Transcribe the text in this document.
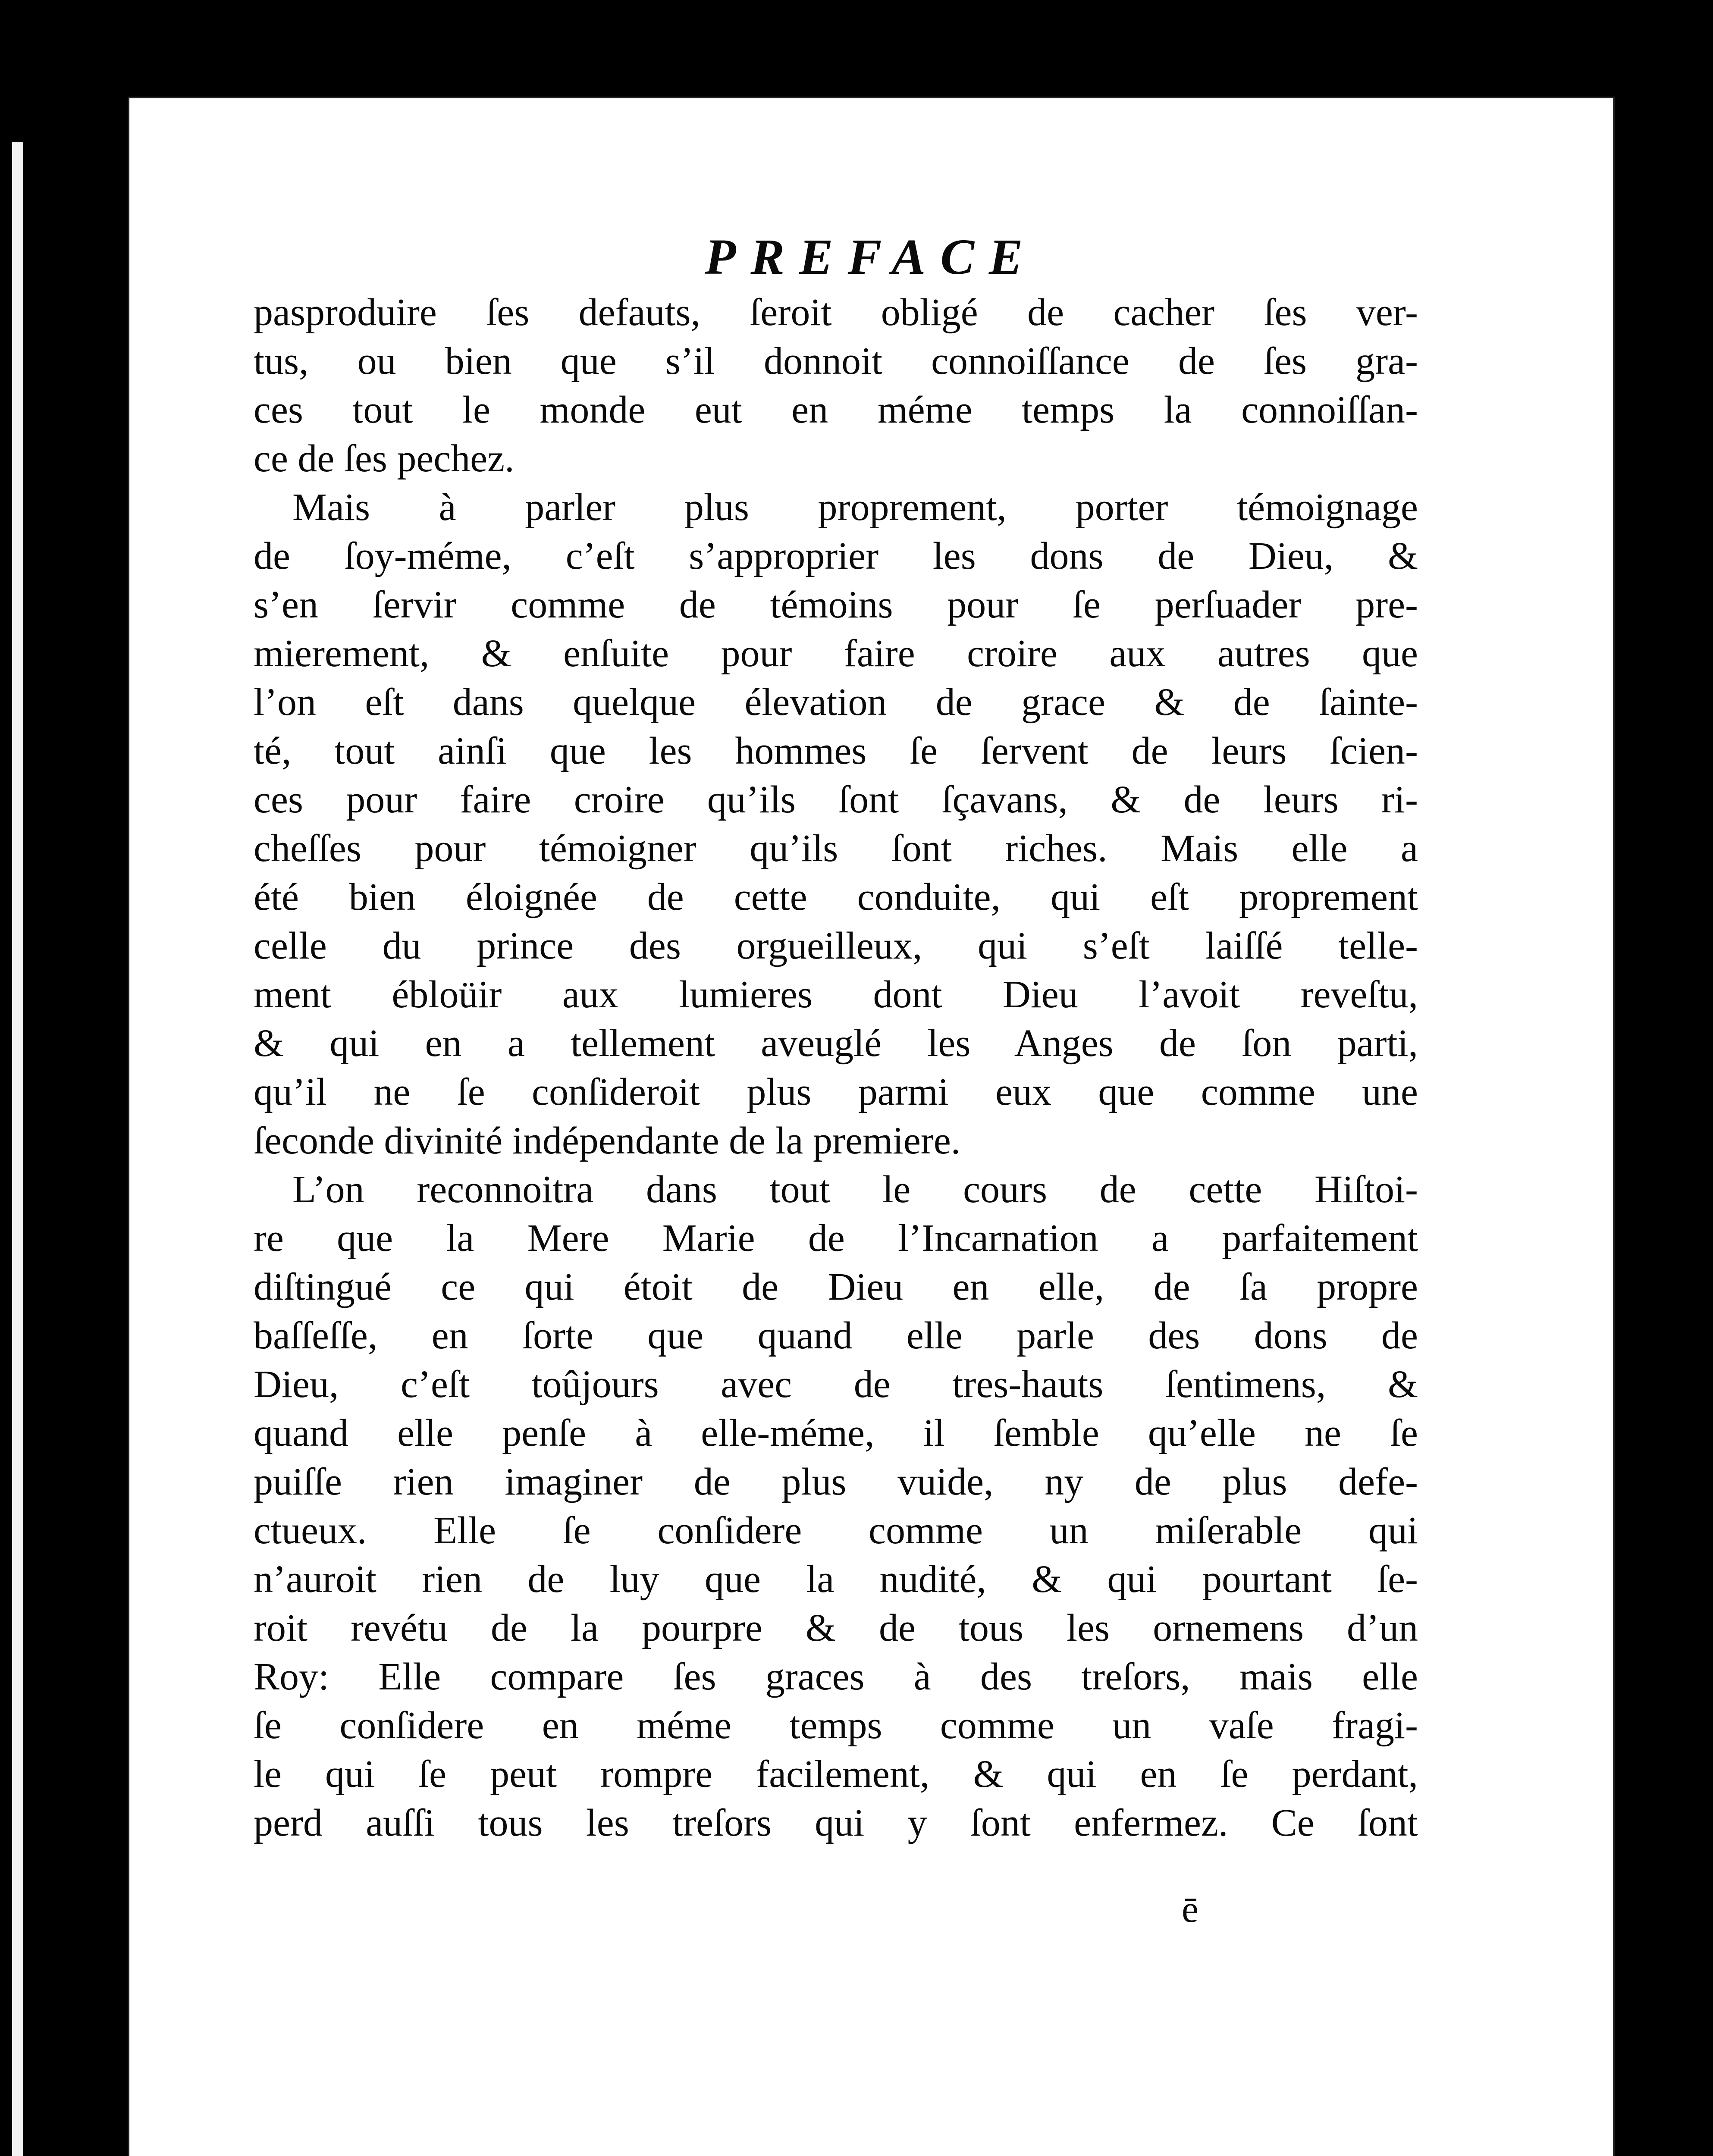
PREFACE
pasproduire ſes defauts, ſeroit obligé de cacher ſes ver-
tus, ou bien que s’il donnoit connoiſſance de ſes gra-
ces tout le monde eut en méme temps la connoiſſan-
ce de ſes pechez.
Mais à parler plus proprement, porter témoignage
de ſoy-méme, c’eſt s’approprier les dons de Dieu, &
s’en ſervir comme de témoins pour ſe perſuader pre-
mierement, & enſuite pour faire croire aux autres que
l’on eſt dans quelque élevation de grace & de ſainte-
té, tout ainſi que les hommes ſe ſervent de leurs ſcien-
ces pour faire croire qu’ils ſont ſçavans, & de leurs ri-
cheſſes pour témoigner qu’ils ſont riches. Mais elle a
été bien éloignée de cette conduite, qui eſt proprement
celle du prince des orgueilleux, qui s’eſt laiſſé telle-
ment ébloüir aux lumieres dont Dieu l’avoit reveſtu,
& qui en a tellement aveuglé les Anges de ſon parti,
qu’il ne ſe conſideroit plus parmi eux que comme une
ſeconde divinité indépendante de la premiere.
L’on reconnoitra dans tout le cours de cette Hiſtoi-
re que la Mere Marie de l’Incarnation a parfaitement
diſtingué ce qui étoit de Dieu en elle, de ſa propre
baſſeſſe, en ſorte que quand elle parle des dons de
Dieu, c’eſt toûjours avec de tres-hauts ſentimens, &
quand elle penſe à elle-méme, il ſemble qu’elle ne ſe
puiſſe rien imaginer de plus vuide, ny de plus defe-
ctueux. Elle ſe conſidere comme un miſerable qui
n’auroit rien de luy que la nudité, & qui pourtant ſe-
roit revétu de la pourpre & de tous les ornemens d’un
Roy: Elle compare ſes graces à des treſors, mais elle
ſe conſidere en méme temps comme un vaſe fragi-
le qui ſe peut rompre facilement, & qui en ſe perdant,
perd auſſi tous les treſors qui y ſont enfermez. Ce ſont
ē
